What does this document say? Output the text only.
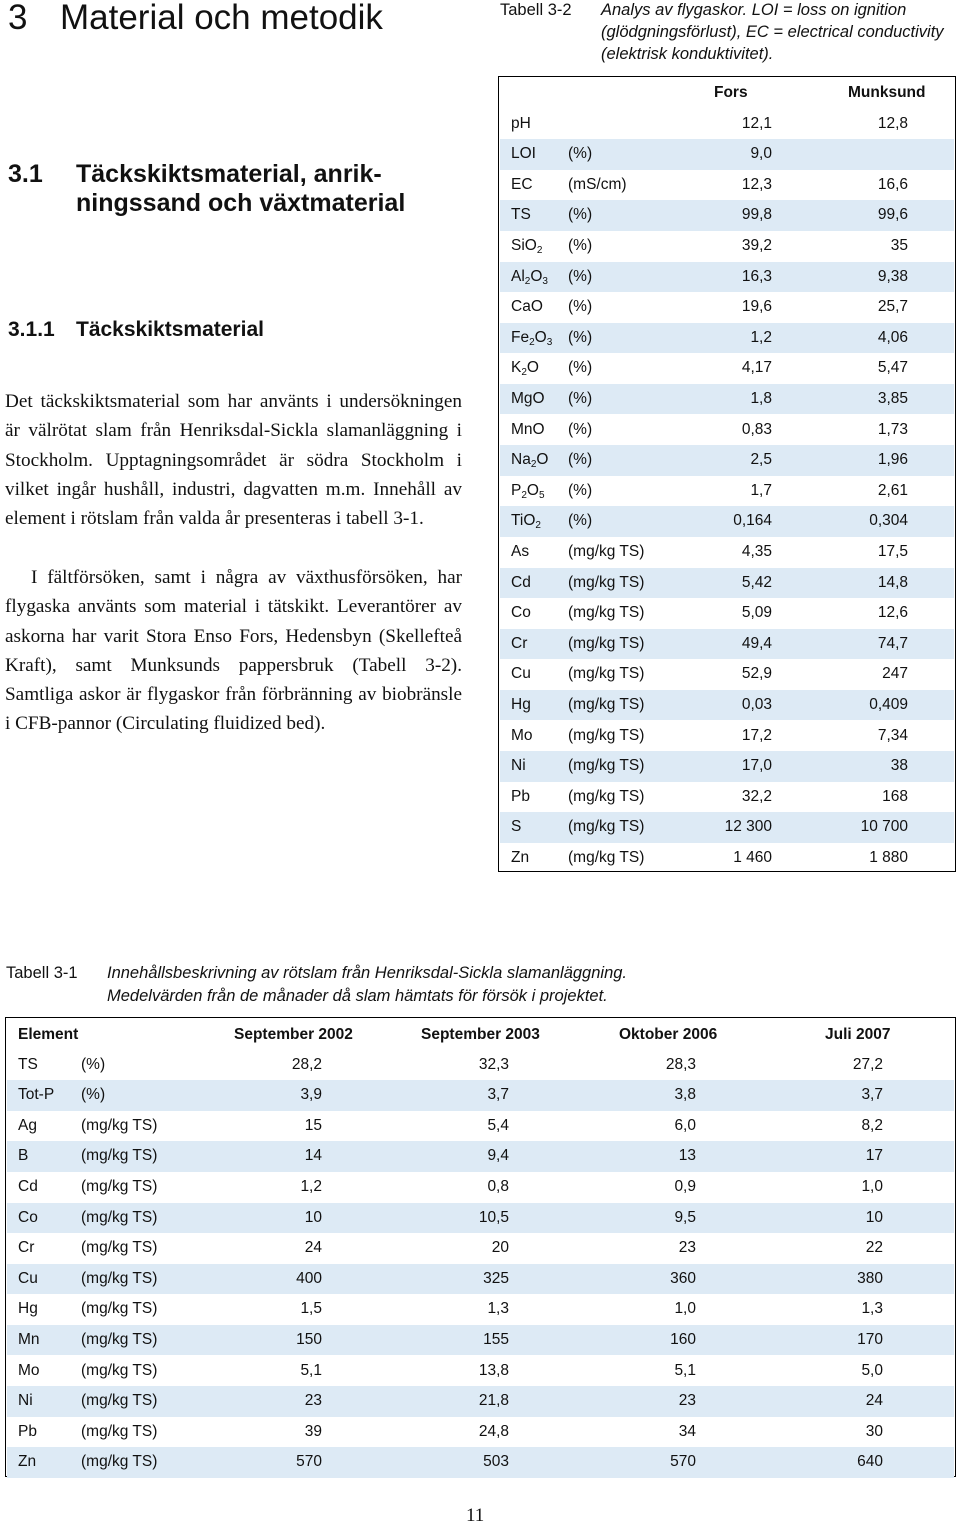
3 Material och metodik
3.1 Täckskiktsmaterial, anrik-ningssand och växtmaterial
3.1.1 Täckskiktsmaterial

Det täckskiktsmaterial som har använts i undersökningen är välrötat slam från Henriksdal-Sickla slamanläggning i Stockholm. Upptagningsområdet är södra Stockholm i vilket ingår hushåll, industri, dagvatten m.m. Innehåll av element i rötslam från valda år presenteras i tabell 3-1.

I fältförsöken, samt i några av växthusförsöken, har flygaska använts som material i tätskikt. Leverantörer av askorna har varit Stora Enso Fors, Hedensbyn (Skellefteå Kraft), samt Munksunds pappersbruk (Tabell 3-2). Samtliga askor är flygaskor från förbränning av biobränsle i CFB-pannor (Circulating fluidized bed).

Tabell 3-2 Analys av flygaskor. LOI = loss on ignition (glödgningsförlust), EC = electrical conductivity (elektrisk konduktivitet).
Fors	Munksund
pH	12,1	12,8
LOI (%)	9,0
EC (mS/cm)	12,3	16,6
TS (%)	99,8	99,6
SiO$_2$ (%)	39,2	35
$Al_2O_3$ (%)	16,3	9,38
CaO (%)	19,6	25,7
$Fe_2O_3$ (%)	1,2	4,06
$K_2O$ (%)	4,17	5,47
MgO (%)	1,8	3,85
MnO (%)	0,83	1,73
$Na_2O$ (%)	2,5	1,96
$P_2O_5$ (%)	1,7	2,61
TiO$_2$ (%)	0,164	0,304
As	(mg/kg TS)	4,35	17,5
Cd (mg/kg TS)	5,42	14,8
Co (mg/kg TS)	5,09	12,6
Cr	(mg/kg TS)	49,4	74,7
Cu (mg/kg TS)	52,9	247
Hg (mg/kg TS)	0,03	0,409
Mo (mg/kg TS)	17,2	7,34
Ni	(mg/kg TS)	17,0	38
Pb (mg/kg TS)	32,2	168
S	(mg/kg TS)	12 300	10 700
Zn	(mg/kg TS)	1 460	1 880
Tabell 3-1 Innehållsbeskrivning av rötslam från Henriksdal-Sickla slamanläggning.
Medelvärden från de månader då slam hämtats för försök i projektet.
Element	September 2002	September 2003	Oktober 2006	Juli 2007
TS	(%)	28,2	32,3	28,3	27,2
Tot-P (%)	3,9	3,7	3,8	3,7
Ag	(mg/kg TS)	15	5,4	6,0	8,2
B	(mg/kg TS)	14	9,4	13	17
Cd	(mg/kg TS)	1,2	0,8	0,9	1,0
Co	(mg/kg TS)	10	10,5	9,5	10
Cr	(mg/kg TS)	24	20	23	22
Cu	(mg/kg TS)	400	325	360	380
Hg	(mg/kg TS)	1,5	1,3	1,0	1,3
Mn	(mg/kg TS)	150	155	160	170
Mo	(mg/kg TS)	5,1	13,8	5,1	5,0
Ni	(mg/kg TS)	23	21,8	23	24
Pb	(mg/kg TS)	39	24,8	34	30
Zn	(mg/kg TS)	570	503	570	640
11
